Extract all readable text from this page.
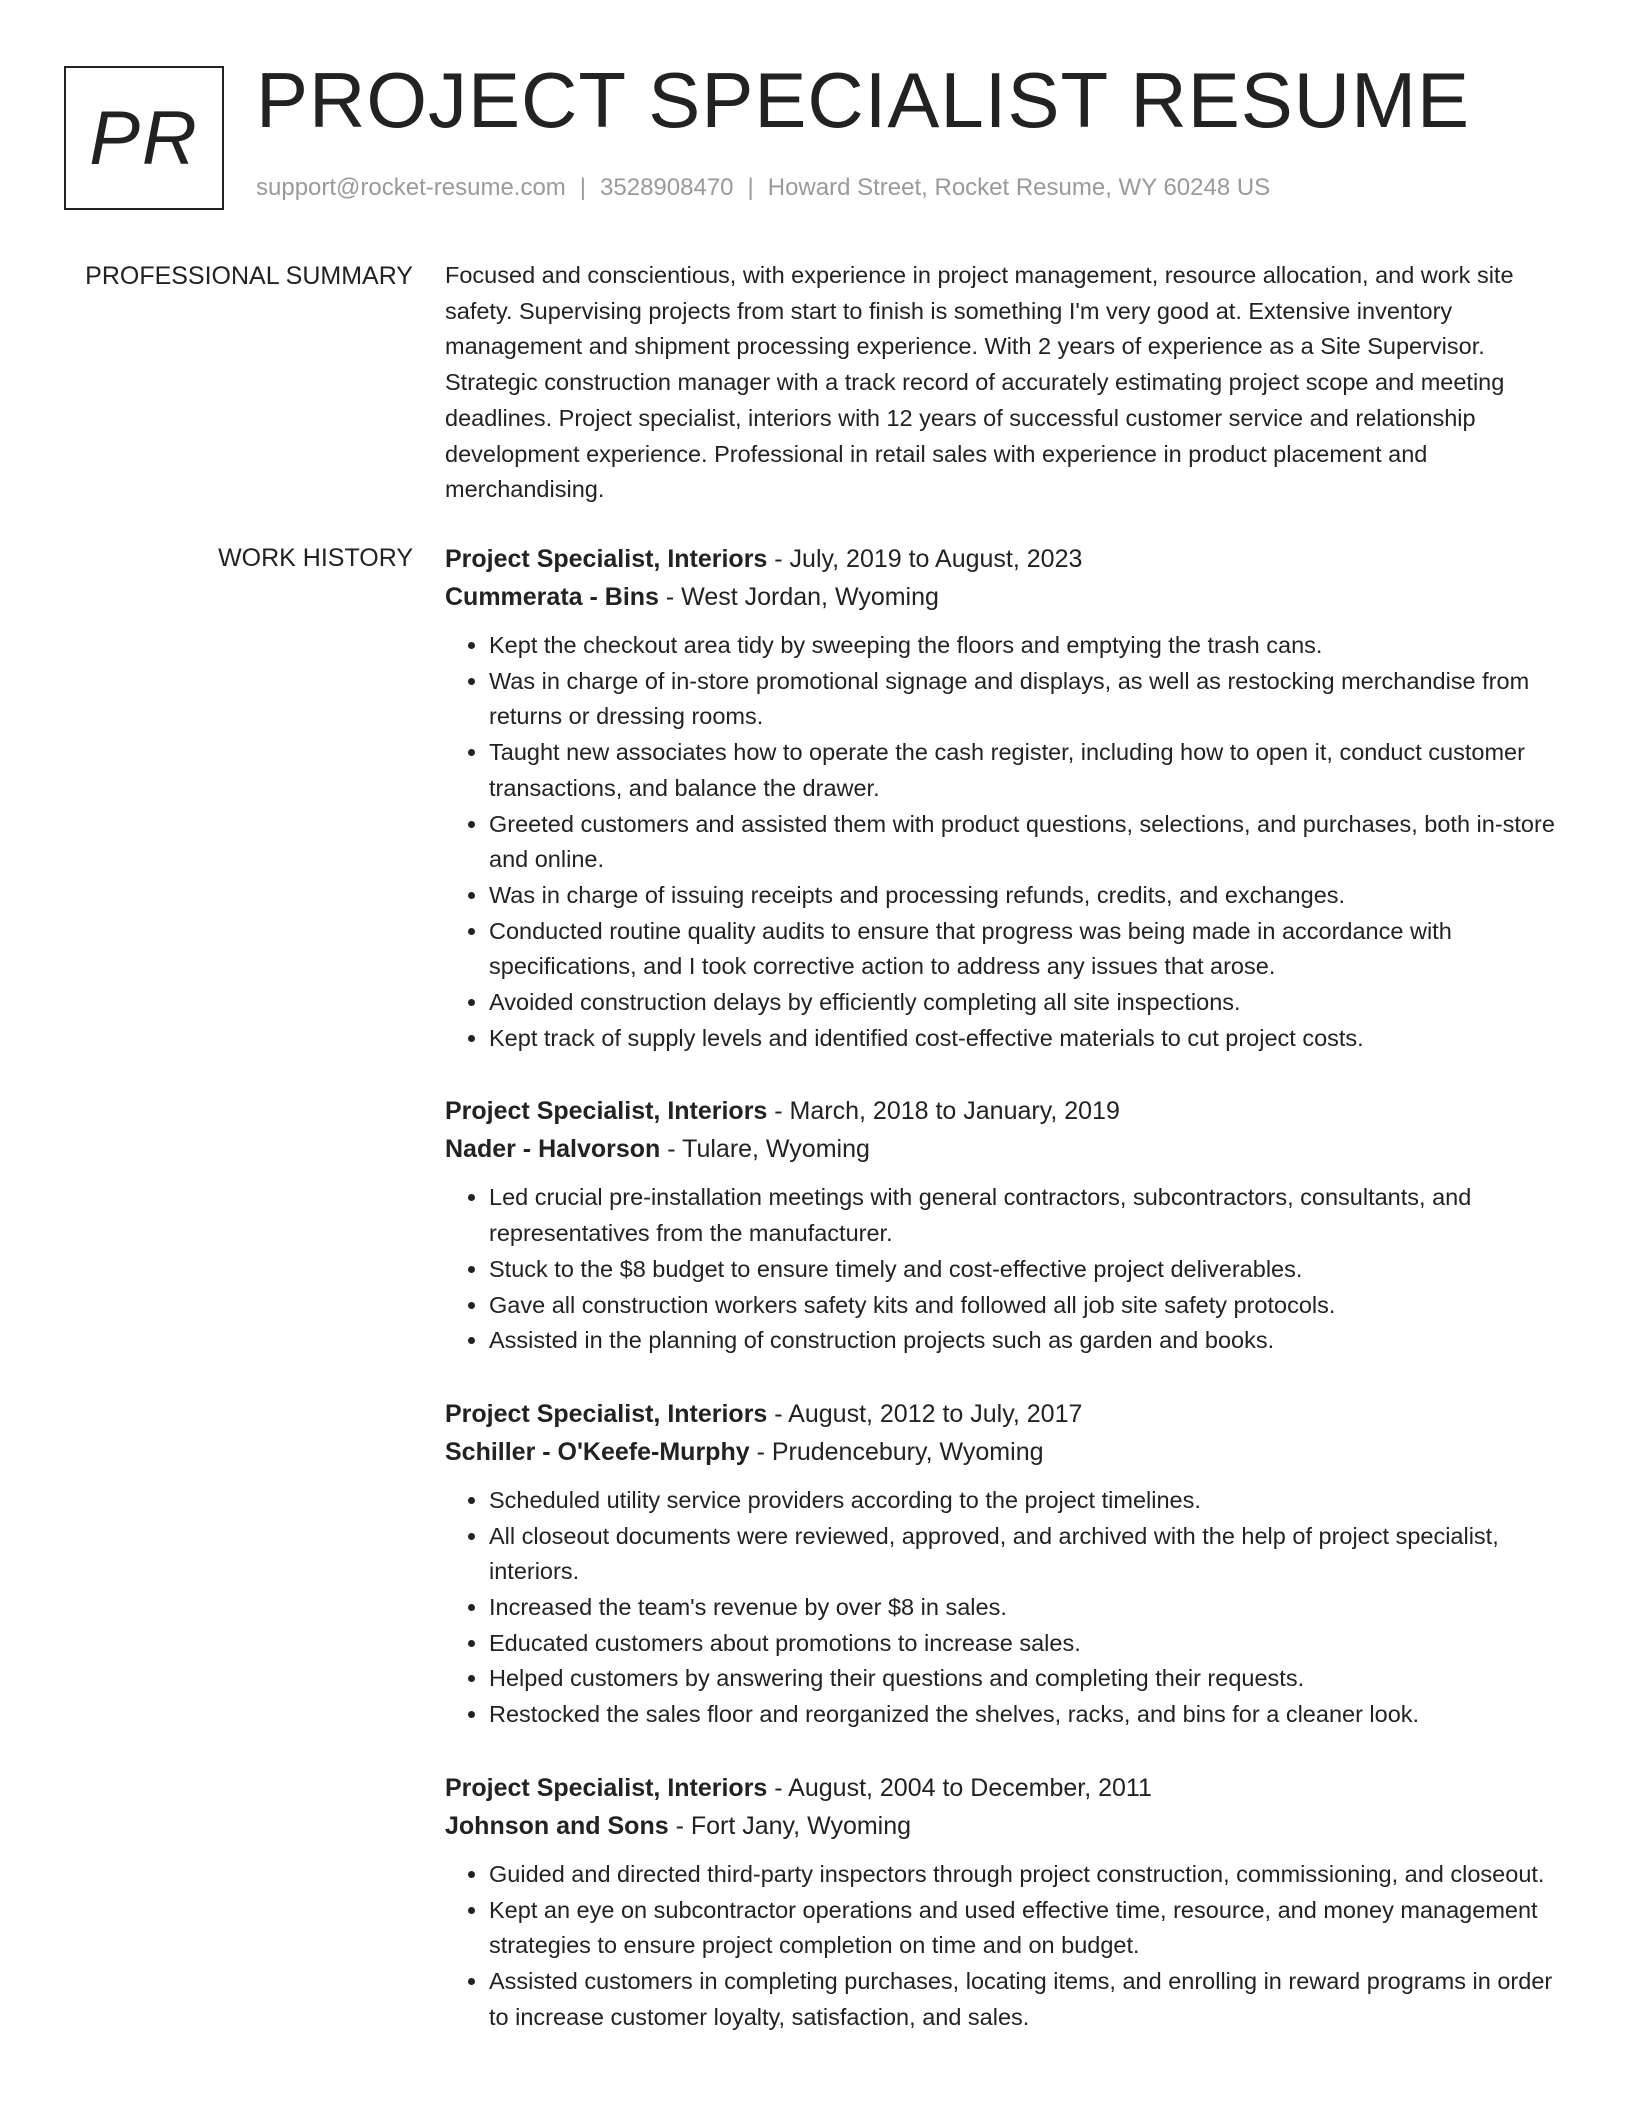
PR PROJECT SPECIALIST RESUME
support@rocket-resume.com | 3528908470 | Howard Street, Rocket Resume, WY 60248 US
PROFESSIONAL SUMMARY Focused and conscientious, with experience in project management, resource allocation, and work site safety. Supervising projects from start to finish is something I'm very good at. Extensive inventory management and shipment processing experience. With 2 years of experience as a Site Supervisor. Strategic construction manager with a track record of accurately estimating project scope and meeting deadlines. Project specialist, interiors with 12 years of successful customer service and relationship development experience. Professional in retail sales with experience in product placement and merchandising.

WORK HISTORY Project Specialist, Interiors - July, 2019 to August, 2023
Cummerata - Bins - West Jordan, Wyoming
• Kept the checkout area tidy by sweeping the floors and emptying the trash cans.
• Was in charge of in-store promotional signage and displays, as well as restocking merchandise from returns or dressing rooms.
• Taught new associates how to operate the cash register, including how to open it, conduct customer transactions, and balance the drawer.
• Greeted customers and assisted them with product questions, selections, and purchases, both in-store and online.
• Was in charge of issuing receipts and processing refunds, credits, and exchanges.
• Conducted routine quality audits to ensure that progress was being made in accordance with specifications, and I took corrective action to address any issues that arose.
• Avoided construction delays by efficiently completing all site inspections.
• Kept track of supply levels and identified cost-effective materials to cut project costs.
Project Specialist, Interiors - March, 2018 to January, 2019
Nader - Halvorson - Tulare, Wyoming
• Led crucial pre-installation meetings with general contractors, subcontractors, consultants, and representatives from the manufacturer.
• Stuck to the $8 budget to ensure timely and cost-effective project deliverables.
• Gave all construction workers safety kits and followed all job site safety protocols.
• Assisted in the planning of construction projects such as garden and books.
Project Specialist, Interiors - August, 2012 to July, 2017
Schiller - O'Keefe-Murphy - Prudencebury, Wyoming
• Scheduled utility service providers according to the project timelines.
• All closeout documents were reviewed, approved, and archived with the help of project specialist, interiors.
• Increased the team's revenue by over $8 in sales.
• Educated customers about promotions to increase sales.
• Helped customers by answering their questions and completing their requests.
• Restocked the sales floor and reorganized the shelves, racks, and bins for a cleaner look.
Project Specialist, Interiors - August, 2004 to December, 2011
Johnson and Sons - Fort Jany, Wyoming
• Guided and directed third-party inspectors through project construction, commissioning, and closeout.
• Kept an eye on subcontractor operations and used effective time, resource, and money management strategies to ensure project completion on time and on budget.
• Assisted customers in completing purchases, locating items, and enrolling in reward programs in order to increase customer loyalty, satisfaction, and sales.
